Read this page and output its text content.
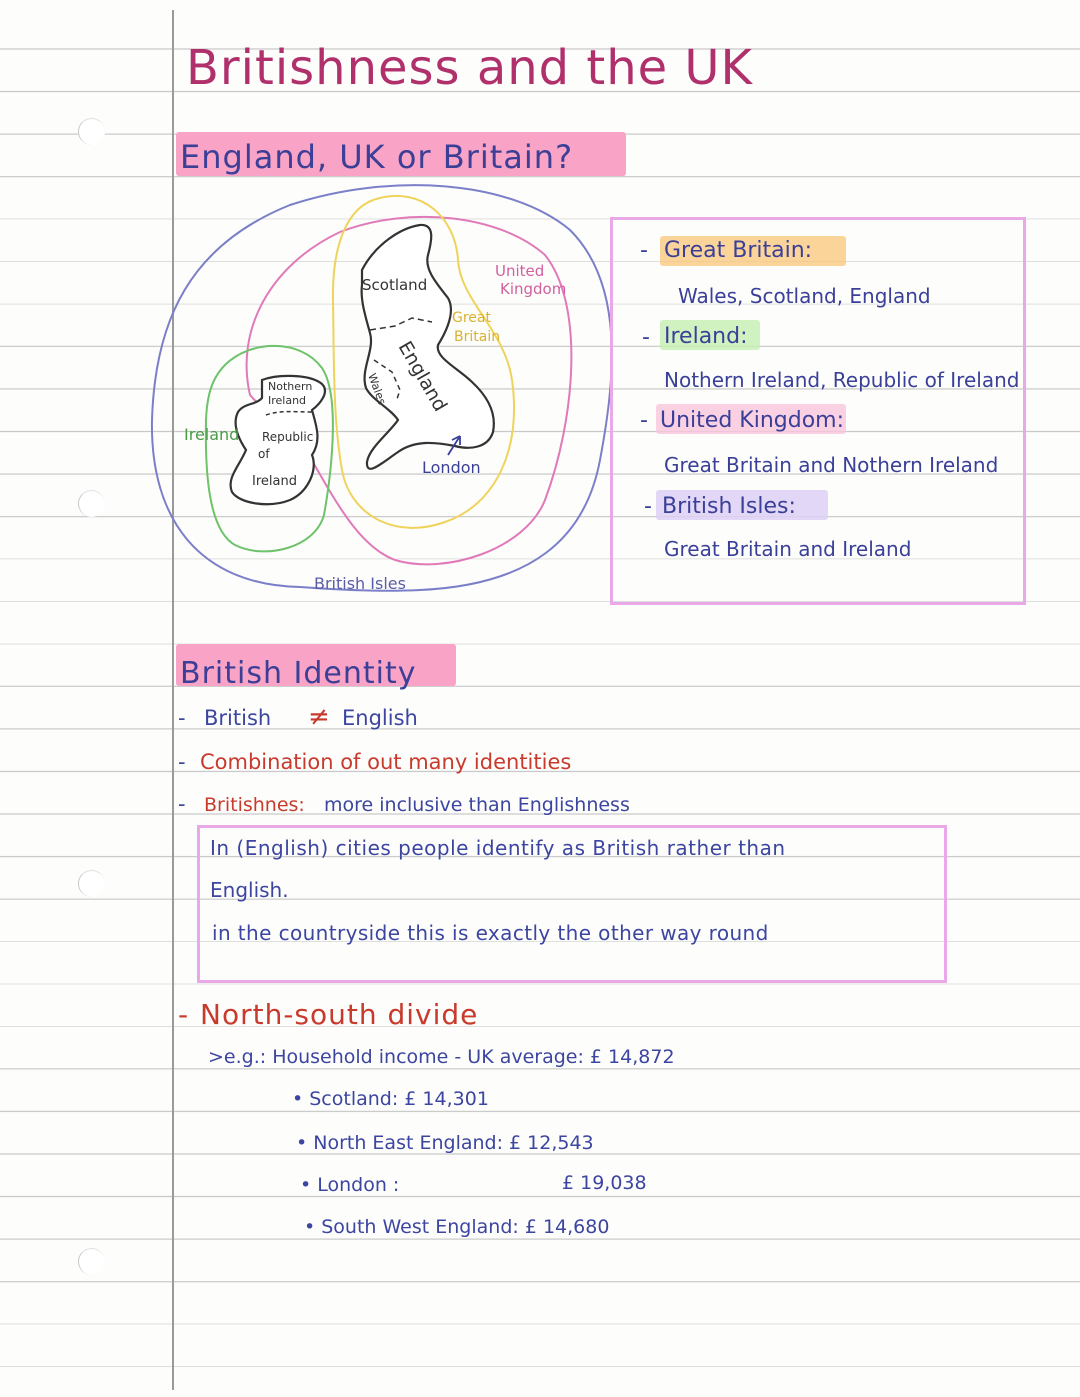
Britishness and the UK
England, UK or Britain?
Scotland
England
Wales
London
Nothern
Ireland
Republic
of
Ireland
Ireland
Great
Britain
United
Kingdom
British Isles
- Great Britain:
Wales, Scotland, England
- Ireland:
Nothern Ireland, Republic of Ireland
- United Kingdom:
Great Britain and Nothern Ireland
- British Isles:
Great Britain and Ireland
British Identity
- British ≠ English
- Combination of out many identities
- Britishnes: more inclusive than Englishness
In (English) cities people identify as British rather than
English.
in the countryside this is exactly the other way round
- North-south divide
>e.g.: Household income - UK average: £ 14,872
• Scotland: £ 14,301
• North East England: £ 12,543
• London :	£ 19,038
• South West England: £ 14,680
